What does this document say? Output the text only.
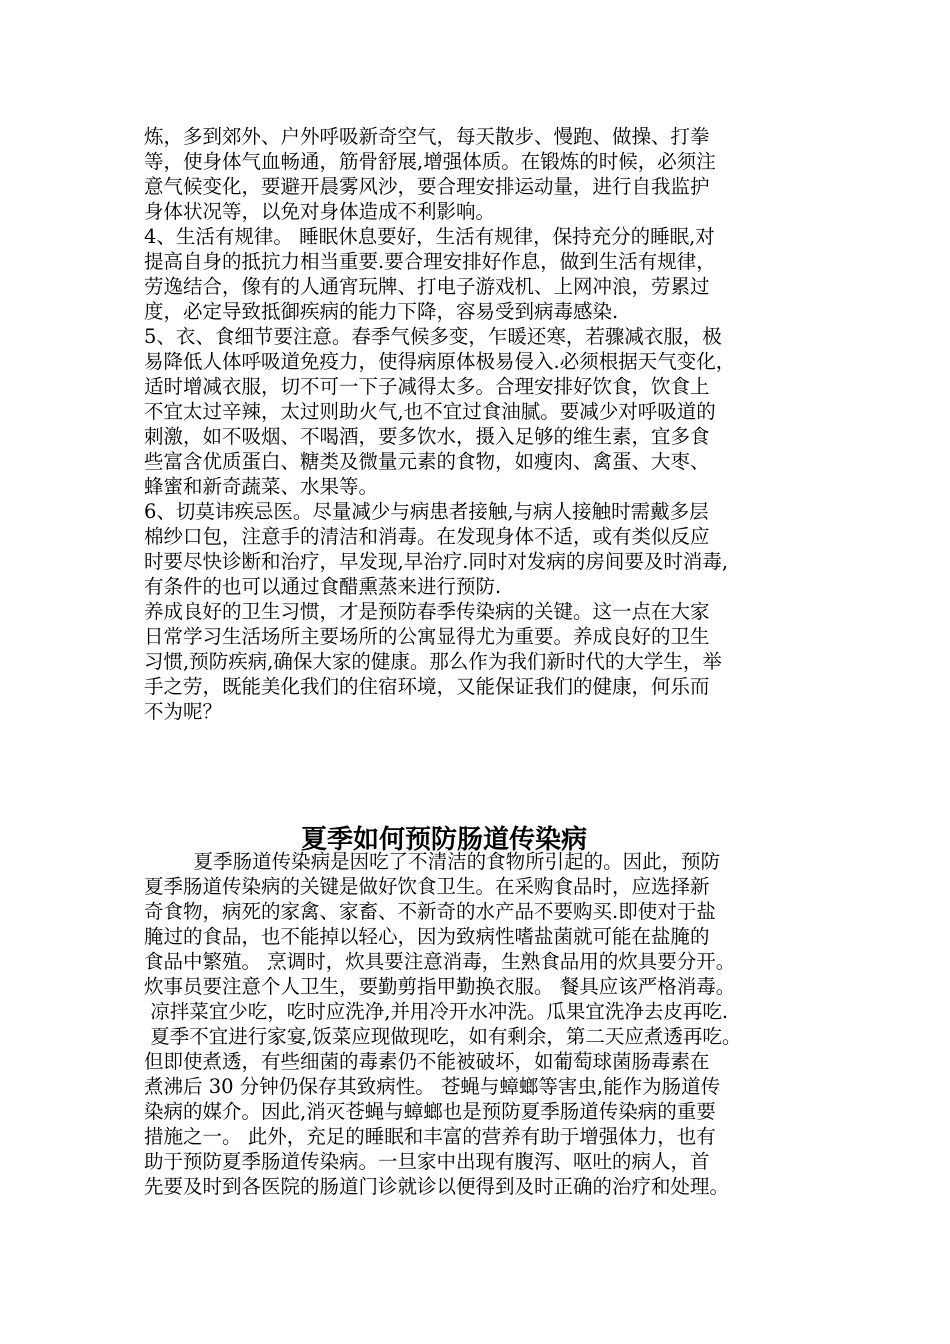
炼，多到郊外、户外呼吸新奇空气，每天散步、慢跑、做操、打拳
等，使身体气血畅通，筋骨舒展,增强体质。在锻炼的时候，必须注
意气候变化，要避开晨雾风沙，要合理安排运动量，进行自我监护
身体状况等，以免对身体造成不利影响。
4、生活有规律。 睡眠休息要好，生活有规律，保持充分的睡眠,对
提高自身的抵抗力相当重要.要合理安排好作息，做到生活有规律，
劳逸结合，像有的人通宵玩牌、打电子游戏机、上网冲浪，劳累过
度，必定导致抵御疾病的能力下降，容易受到病毒感染.
5、衣、食细节要注意。春季气候多变，乍暖还寒，若骤减衣服，极
易降低人体呼吸道免疫力，使得病原体极易侵入.必须根据天气变化，
适时增减衣服，切不可一下子减得太多。合理安排好饮食，饮食上
不宜太过辛辣，太过则助火气,也不宜过食油腻。要减少对呼吸道的
刺激，如不吸烟、不喝酒，要多饮水，摄入足够的维生素，宜多食
些富含优质蛋白、糖类及微量元素的食物，如瘦肉、禽蛋、大枣、
蜂蜜和新奇蔬菜、水果等。
6、切莫讳疾忌医。尽量减少与病患者接触,与病人接触时需戴多层
棉纱口包，注意手的清洁和消毒。在发现身体不适，或有类似反应
时要尽快诊断和治疗，早发现,早治疗.同时对发病的房间要及时消毒,
有条件的也可以通过食醋熏蒸来进行预防.
养成良好的卫生习惯，才是预防春季传染病的关键。这一点在大家
日常学习生活场所主要场所的公寓显得尤为重要。养成良好的卫生
习惯,预防疾病,确保大家的健康。那么作为我们新时代的大学生，举
手之劳，既能美化我们的住宿环境，又能保证我们的健康，何乐而
不为呢？
夏季如何预防肠道传染病
夏季肠道传染病是因吃了不清洁的食物所引起的。因此，预防
夏季肠道传染病的关键是做好饮食卫生。在采购食品时，应选择新
奇食物，病死的家禽、家畜、不新奇的水产品不要购买.即使对于盐
腌过的食品，也不能掉以轻心，因为致病性嗜盐菌就可能在盐腌的
食品中繁殖。 烹调时，炊具要注意消毒，生熟食品用的炊具要分开。
炊事员要注意个人卫生，要勤剪指甲勤换衣服。 餐具应该严格消毒。
凉拌菜宜少吃，吃时应洗净,并用冷开水冲洗。瓜果宜洗净去皮再吃.
夏季不宜进行家宴,饭菜应现做现吃，如有剩余，第二天应煮透再吃。
但即使煮透，有些细菌的毒素仍不能被破坏，如葡萄球菌肠毒素在
煮沸后 30 分钟仍保存其致病性。 苍蝇与蟑螂等害虫,能作为肠道传
染病的媒介。因此,消灭苍蝇与蟑螂也是预防夏季肠道传染病的重要
措施之一。 此外，充足的睡眠和丰富的营养有助于增强体力，也有
助于预防夏季肠道传染病。一旦家中出现有腹泻、呕吐的病人，首
先要及时到各医院的肠道门诊就诊以便得到及时正确的治疗和处理。
